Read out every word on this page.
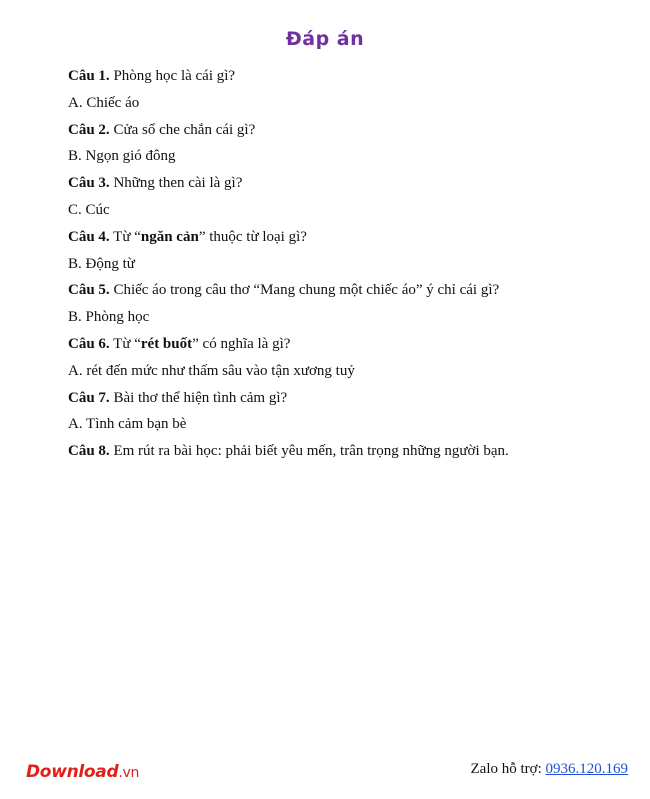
Đáp án
Câu 1. Phòng học là cái gì?
A. Chiếc áo
Câu 2. Cửa sổ che chắn cái gì?
B. Ngọn gió đông
Câu 3. Những then cài là gì?
C. Cúc
Câu 4. Từ “ngăn cản” thuộc từ loại gì?
B. Động từ
Câu 5. Chiếc áo trong câu thơ “Mang chung một chiếc áo” ý chỉ cái gì?
B. Phòng học
Câu 6. Từ “rét buốt” có nghĩa là gì?
A. rét đến mức như thấm sâu vào tận xương tuỷ
Câu 7. Bài thơ thể hiện tình cảm gì?
A. Tình cảm bạn bè
Câu 8. Em rút ra bài học: phải biết yêu mến, trân trọng những người bạn.
Download.vn	Zalo hỗ trợ: 0936.120.169
